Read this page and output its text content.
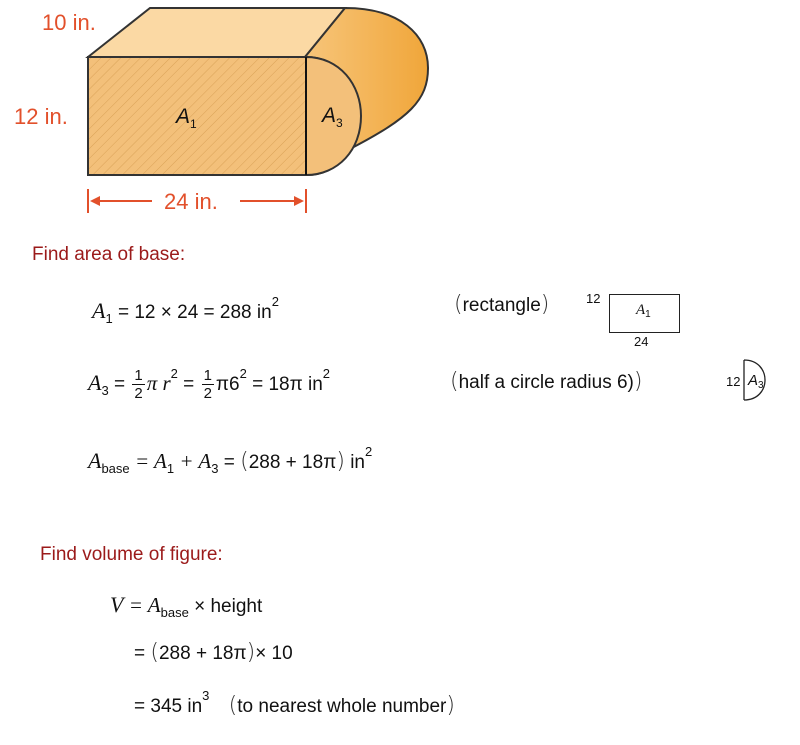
$A_1$	$A_3$
10 in.
12 in.
24 in.
Find area of base:
$A_1 = 12 \times 24 = 288$ $in^2$	(rectangle)	12
$A_1$
24
$A_3 = \frac{1}{2}$ π $r^2 = \frac{1}{2} \pi 6^2 = 18\pi$ $in^2$	(half a circle radius 6))	12 $A_3$
$A_{base} = A_1 + A_3 = (288 + 18\pi)$ $in^2$
Find volume of figure:
$V = A_{base}$ × height
= (288 + 18π)× 10
= 345 $in^3$ (to nearest whole number)
